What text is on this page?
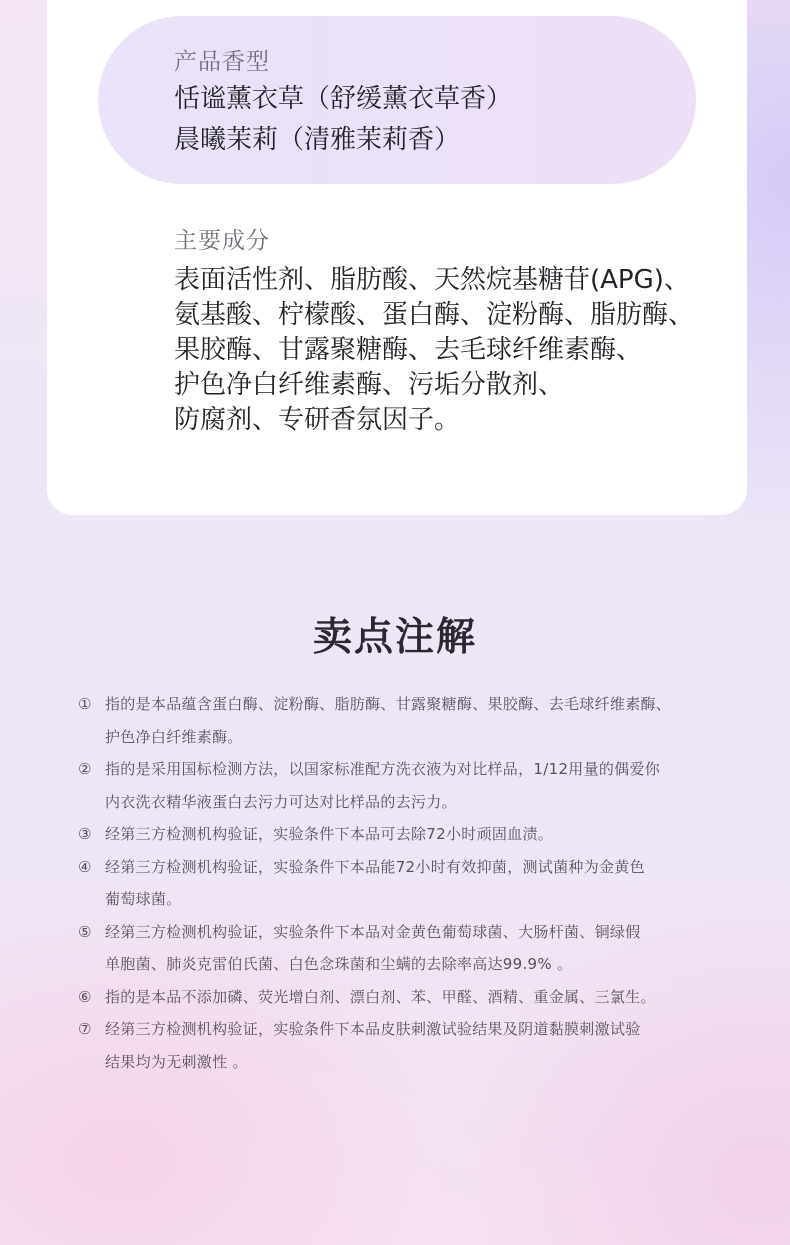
产品香型
恬谧薰衣草（舒缓薰衣草香）
晨曦茉莉（清雅茉莉香）
主要成分
表面活性剂、脂肪酸、天然烷基糖苷(APG)、
氨基酸、柠檬酸、蛋白酶、淀粉酶、脂肪酶、
果胶酶、甘露聚糖酶、去毛球纤维素酶、
护色净白纤维素酶、污垢分散剂、
防腐剂、专研香氛因子。
卖点注解
① 指的是本品蕴含蛋白酶、淀粉酶、脂肪酶、甘露聚糖酶、果胶酶、去毛球纤维素酶、
护色净白纤维素酶。
② 指的是采用国标检测方法，以国家标准配方洗衣液为对比样品，1/12用量的偶爱你
内衣洗衣精华液蛋白去污力可达对比样品的去污力。
③ 经第三方检测机构验证，实验条件下本品可去除72小时顽固血渍。
④ 经第三方检测机构验证，实验条件下本品能72小时有效抑菌，测试菌种为金黄色
葡萄球菌。
⑤ 经第三方检测机构验证，实验条件下本品对金黄色葡萄球菌、大肠杆菌、铜绿假
单胞菌、肺炎克雷伯氏菌、白色念珠菌和尘螨的去除率高达99.9% 。
⑥ 指的是本品不添加磷、荧光增白剂、漂白剂、苯、甲醛、酒精、重金属、三氯生。
⑦ 经第三方检测机构验证，实验条件下本品皮肤刺激试验结果及阴道黏膜刺激试验
结果均为无刺激性 。
